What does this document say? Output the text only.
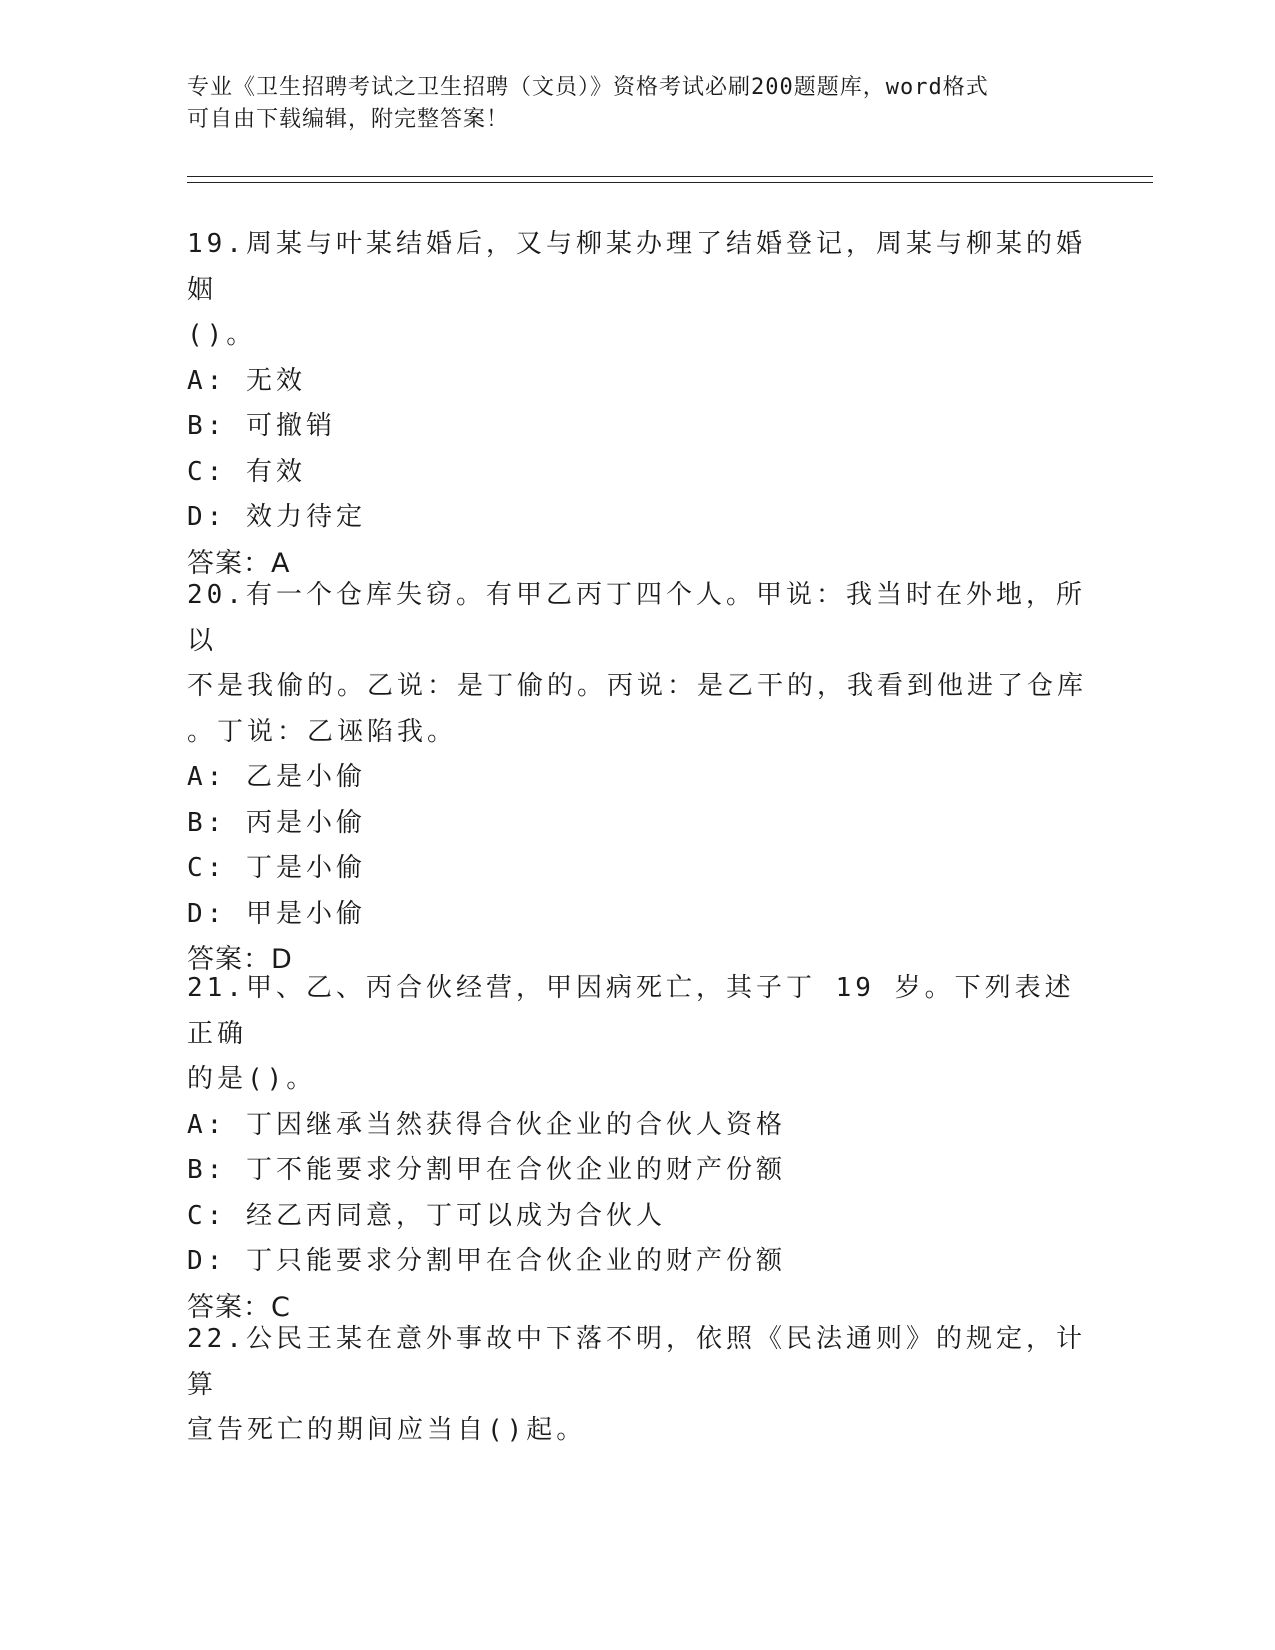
专业《卫生招聘考试之卫生招聘（文员）》资格考试必刷200题题库，word格式
可自由下载编辑，附完整答案！

19.周某与叶某结婚后，又与柳某办理了结婚登记，周某与柳某的婚姻

()。

A: 无效

B: 可撤销

C: 有效

D: 效力待定

答案：A

20.有一个仓库失窃。有甲乙丙丁四个人。甲说：我当时在外地，所以

不是我偷的。乙说：是丁偷的。丙说：是乙干的，我看到他进了仓库

。丁说：乙诬陷我。

A: 乙是小偷

B: 丙是小偷

C: 丁是小偷

D: 甲是小偷

答案：D

21.甲、乙、丙合伙经营，甲因病死亡，其子丁 19 岁。下列表述正确

的是()。

A: 丁因继承当然获得合伙企业的合伙人资格

B: 丁不能要求分割甲在合伙企业的财产份额

C: 经乙丙同意，丁可以成为合伙人

D: 丁只能要求分割甲在合伙企业的财产份额

答案：C

22.公民王某在意外事故中下落不明，依照《民法通则》的规定，计算

宣告死亡的期间应当自()起。
